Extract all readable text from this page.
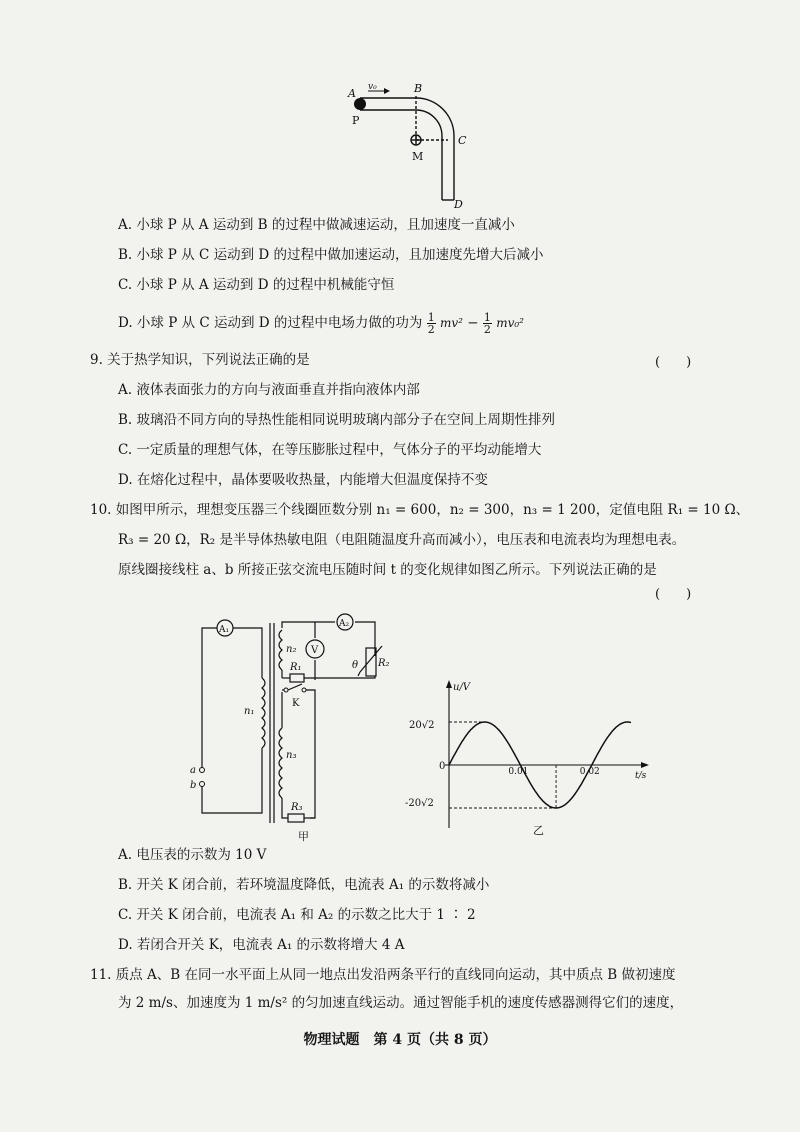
v₀
A	B
C
D
P
M
A. 小球 P 从 A 运动到 B 的过程中做减速运动，且加速度一直减小
B. 小球 P 从 C 运动到 D 的过程中做加速运动，且加速度先增大后减小
C. 小球 P 从 A 运动到 D 的过程中机械能守恒
D. 小球 P 从 C 运动到 D 的过程中电场力做的功为 $\frac{1}{2} mv^2 - \frac{1}{2} mv_0^2$
9. 关于热学知识，下列说法正确的是	(　　)
A. 液体表面张力的方向与液面垂直并指向液体内部
B. 玻璃沿不同方向的导热性能相同说明玻璃内部分子在空间上周期性排列
C. 一定质量的理想气体，在等压膨胀过程中，气体分子的平均动能增大
D. 在熔化过程中，晶体要吸收热量，内能增大但温度保持不变
10. 如图甲所示，理想变压器三个线圈匝数分别 n₁ = 600，n₂ = 300，n₃ = 1 200，定值电阻 R₁ = 10 Ω、
R₃ = 20 Ω，R₂ 是半导体热敏电阻（电阻随温度升高而减小），电压表和电流表均为理想电表。
原线圈接线柱 a、b 所接正弦交流电压随时间 t 的变化规律如图乙所示。下列说法正确的是
(　　)
A₁
A₂
V
n₁
n₂
n₃
R₁	R₂
R₃
K
a
b
θ
甲
u/V
t/s
0
20√2
-20√2
0.01	0.02
乙
A. 电压表的示数为 10 V
B. 开关 K 闭合前，若环境温度降低，电流表 A₁ 的示数将减小
C. 开关 K 闭合前，电流表 A₁ 和 A₂ 的示数之比大于 1 ∶ 2
D. 若闭合开关 K，电流表 A₁ 的示数将增大 4 A
11. 质点 A、B 在同一水平面上从同一地点出发沿两条平行的直线同向运动，其中质点 B 做初速度
为 2 m/s、加速度为 1 m/s² 的匀加速直线运动。通过智能手机的速度传感器测得它们的速度，
物理试题　第 4 页（共 8 页）
